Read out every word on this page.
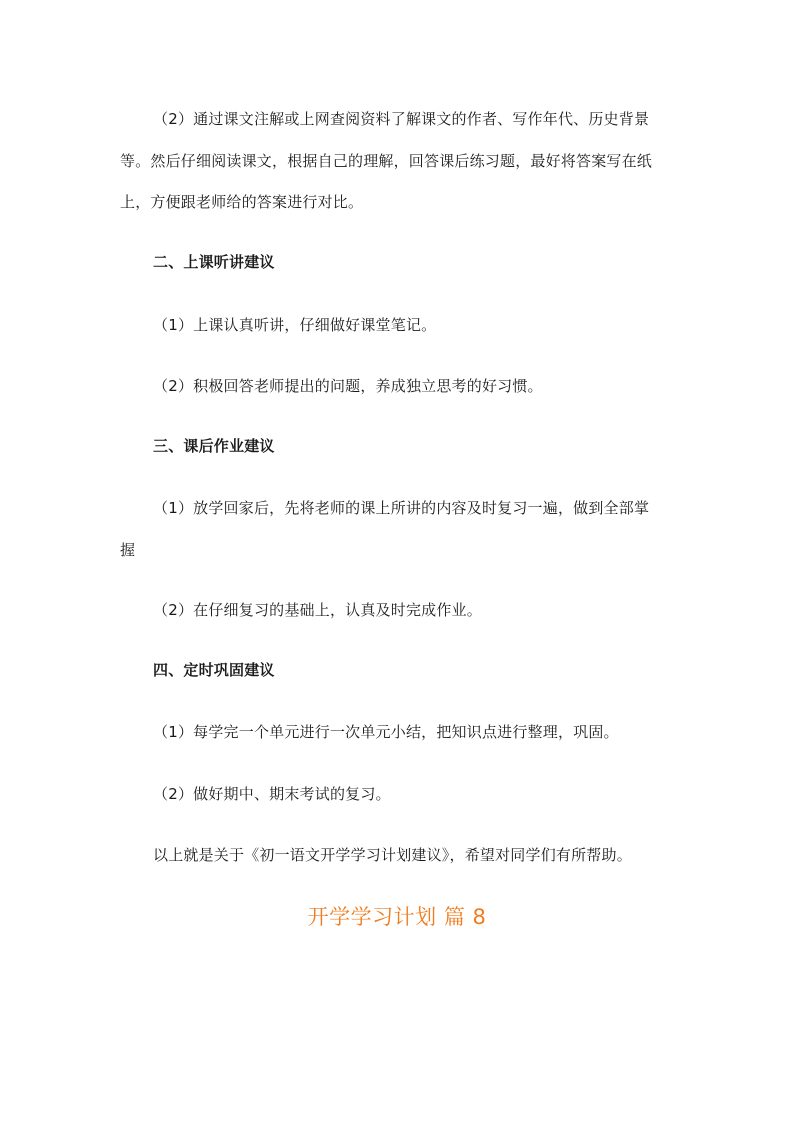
（2）通过课文注解或上网查阅资料了解课文的作者、写作年代、历史背景
等。然后仔细阅读课文，根据自己的理解，回答课后练习题，最好将答案写在纸
上，方便跟老师给的答案进行对比。
二、上课听讲建议
（1）上课认真听讲，仔细做好课堂笔记。
（2）积极回答老师提出的问题，养成独立思考的好习惯。
三、课后作业建议
（1）放学回家后，先将老师的课上所讲的内容及时复习一遍，做到全部掌
握
（2）在仔细复习的基础上，认真及时完成作业。
四、定时巩固建议
（1）每学完一个单元进行一次单元小结，把知识点进行整理，巩固。
（2）做好期中、期末考试的复习。
以上就是关于《初一语文开学学习计划建议》，希望对同学们有所帮助。
开学学习计划 篇 8
